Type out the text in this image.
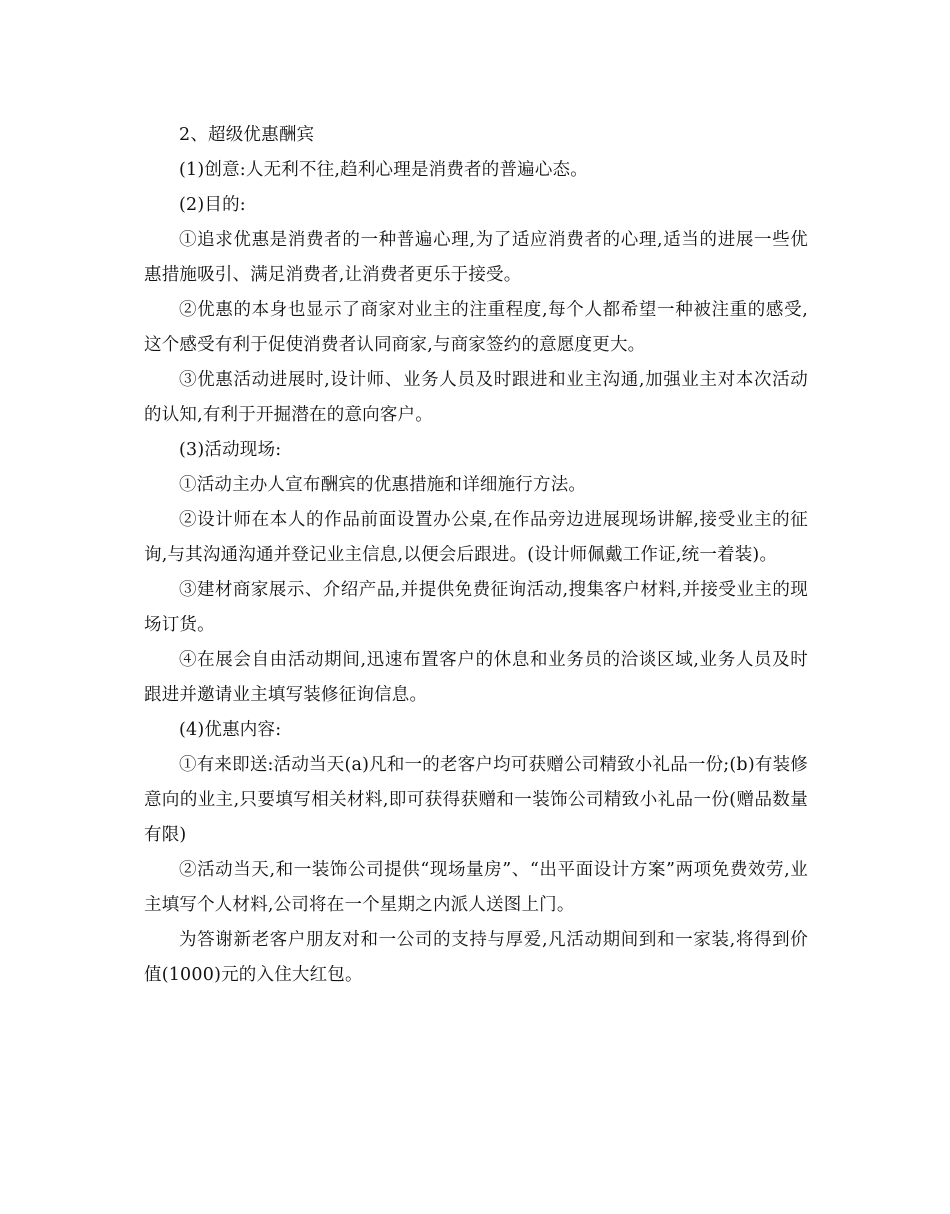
2、超级优惠酬宾

(1)创意:人无利不往,趋利心理是消费者的普遍心态。

(2)目的:

①追求优惠是消费者的一种普遍心理,为了适应消费者的心理,适当的进展一些优惠措施吸引、满足消费者,让消费者更乐于接受。

②优惠的本身也显示了商家对业主的注重程度,每个人都希望一种被注重的感受,这个感受有利于促使消费者认同商家,与商家签约的意愿度更大。

③优惠活动进展时,设计师、业务人员及时跟进和业主沟通,加强业主对本次活动的认知,有利于开掘潜在的意向客户。

(3)活动现场:

①活动主办人宣布酬宾的优惠措施和详细施行方法。

②设计师在本人的作品前面设置办公桌,在作品旁边进展现场讲解,接受业主的征询,与其沟通沟通并登记业主信息,以便会后跟进。(设计师佩戴工作证,统一着装)。

③建材商家展示、介绍产品,并提供免费征询活动,搜集客户材料,并接受业主的现场订货。

④在展会自由活动期间,迅速布置客户的休息和业务员的洽谈区域,业务人员及时跟进并邀请业主填写装修征询信息。

(4)优惠内容:

①有来即送:活动当天(a)凡和一的老客户均可获赠公司精致小礼品一份;(b)有装修意向的业主,只要填写相关材料,即可获得获赠和一装饰公司精致小礼品一份(赠品数量有限)

②活动当天,和一装饰公司提供“现场量房”、“出平面设计方案”两项免费效劳,业主填写个人材料,公司将在一个星期之内派人送图上门。

为答谢新老客户朋友对和一公司的支持与厚爱,凡活动期间到和一家装,将得到价值(1000)元的入住大红包。
